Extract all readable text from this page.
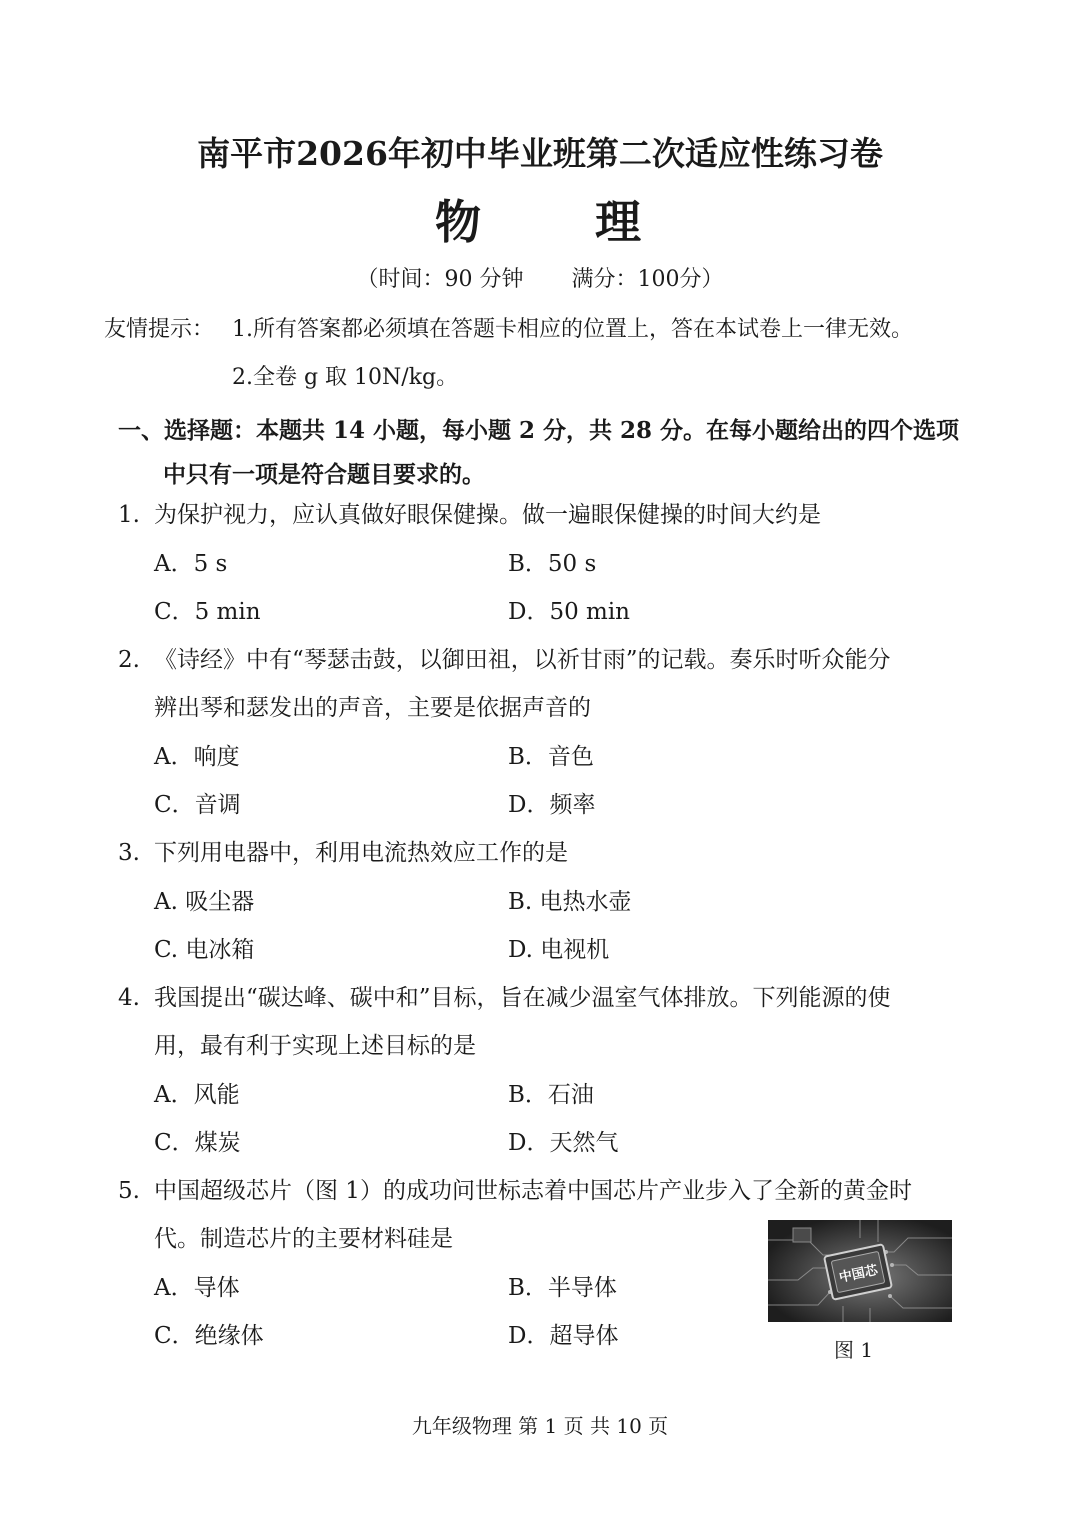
南平市2026年初中毕业班第二次适应性练习卷
物 理
（时间：90 分钟 满分：100分）
友情提示： 1.所有答案都必须填在答题卡相应的位置上，答在本试卷上一律无效。
2.全卷 g 取 10N/kg。
一、选择题：本题共 14 小题，每小题 2 分，共 28 分。在每小题给出的四个选项
中只有一项是符合题目要求的。
1. 为保护视力，应认真做好眼保健操。做一遍眼保健操的时间大约是
A．5 s	B．50 s
C．5 min	D．50 min
2. 《诗经》中有“琴瑟击鼓，以御田祖，以祈甘雨”的记载。奏乐时听众能分
辨出琴和瑟发出的声音，主要是依据声音的
A．响度	B．音色
C．音调	D．频率
3. 下列用电器中，利用电流热效应工作的是
A. 吸尘器	B. 电热水壶
C. 电冰箱	D. 电视机
4. 我国提出“碳达峰、碳中和”目标，旨在减少温室气体排放。下列能源的使
用，最有利于实现上述目标的是
A．风能	B．石油
C．煤炭	D．天然气
5. 中国超级芯片（图 1）的成功问世标志着中国芯片产业步入了全新的黄金时
代。制造芯片的主要材料硅是
A．导体	B．半导体
C．绝缘体	D．超导体
中国芯
图 1
九年级物理 第 1 页 共 10 页
